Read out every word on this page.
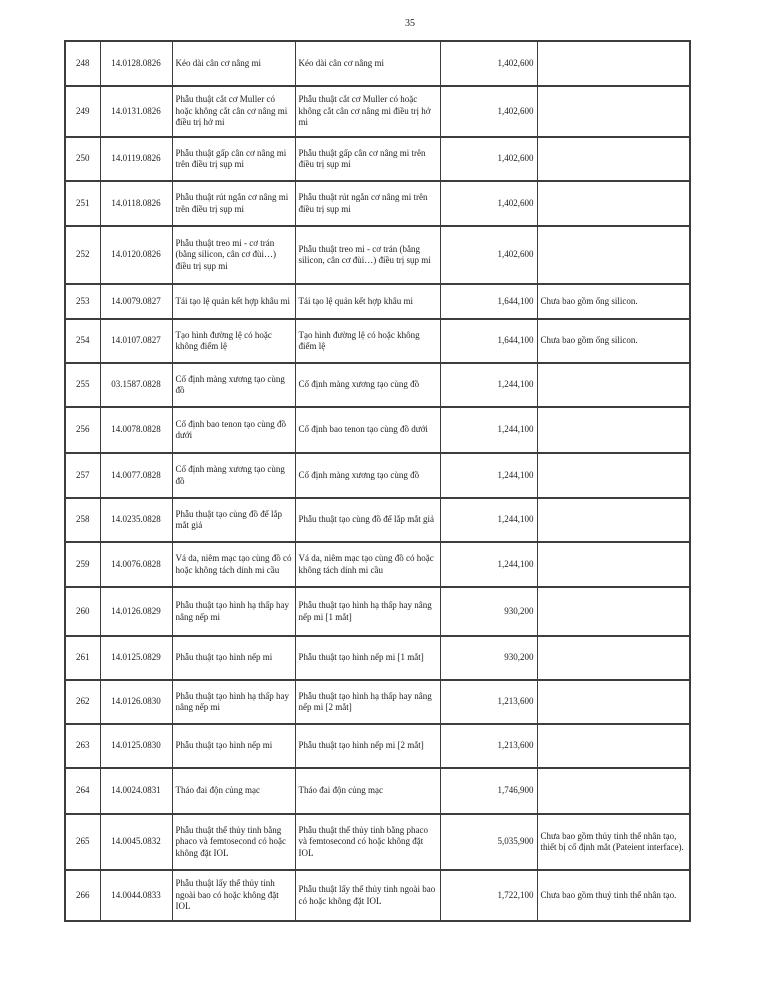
35
248	14.0128.0826	Kéo dài cân cơ nâng mi	Kéo dài cân cơ nâng mi	1,402,600	
249	14.0131.0826	Phẫu thuật cắt cơ Muller có hoặc không cắt cân cơ nâng mi điều trị hở mi	Phẫu thuật cắt cơ Muller có hoặc không cắt cân cơ nâng mi điều trị hở mi	1,402,600	
250	14.0119.0826	Phẫu thuật gấp cân cơ nâng mi trên điều trị sụp mi	Phẫu thuật gấp cân cơ nâng mi trên điều trị sụp mi	1,402,600	
251	14.0118.0826	Phẫu thuật rút ngắn cơ nâng mi trên điều trị sụp mi	Phẫu thuật rút ngắn cơ nâng mi trên điều trị sụp mi	1,402,600	
252	14.0120.0826	Phẫu thuật treo mi - cơ trán (bằng silicon, cân cơ đùi…) điều trị sụp mi	Phẫu thuật treo mi - cơ trán (bằng silicon, cân cơ đùi…) điều trị sụp mi	1,402,600	
253	14.0079.0827	Tái tạo lệ quản kết hợp khâu mi	Tái tạo lệ quản kết hợp khâu mi	1,644,100	Chưa bao gồm ống silicon.
254	14.0107.0827	Tạo hình đường lệ có hoặc không điểm lệ	Tạo hình đường lệ có hoặc không điểm lệ	1,644,100	Chưa bao gồm ống silicon.
255	03.1587.0828	Cố định màng xương tạo cùng đồ	Cố định màng xương tạo cùng đồ	1,244,100	
256	14.0078.0828	Cố định bao tenon tạo cùng đồ dưới	Cố định bao tenon tạo cùng đồ dưới	1,244,100	
257	14.0077.0828	Cố định màng xương tạo cùng đồ	Cố định màng xương tạo cùng đồ	1,244,100	
258	14.0235.0828	Phẫu thuật tạo cùng đồ để lắp mắt giả	Phẫu thuật tạo cùng đồ để lắp mắt giả	1,244,100	
259	14.0076.0828	Vá da, niêm mạc tạo cùng đồ có hoặc không tách dính mi cầu	Vá da, niêm mạc tạo cùng đồ có hoặc không tách dính mi cầu	1,244,100	
260	14.0126.0829	Phẫu thuật tạo hình hạ thấp hay nâng nếp mi	Phẫu thuật tạo hình hạ thấp hay nâng nếp mi [1 mắt]	930,200	
261	14.0125.0829	Phẫu thuật tạo hình nếp mi	Phẫu thuật tạo hình nếp mi [1 mắt]	930,200	
262	14.0126.0830	Phẫu thuật tạo hình hạ thấp hay nâng nếp mi	Phẫu thuật tạo hình hạ thấp hay nâng nếp mi [2 mắt]	1,213,600	
263	14.0125.0830	Phẫu thuật tạo hình nếp mi	Phẫu thuật tạo hình nếp mi [2 mắt]	1,213,600	
264	14.0024.0831	Tháo đai độn củng mạc	Tháo đai độn củng mạc	1,746,900	
265	14.0045.0832	Phẫu thuật thể thủy tinh bằng phaco và femtosecond có hoặc không đặt IOL	Phẫu thuật thể thủy tinh bằng phaco và femtosecond có hoặc không đặt IOL	5,035,900	Chưa bao gồm thủy tinh thể nhân tạo, thiết bị cố định mắt (Pateient interface).
266	14.0044.0833	Phẫu thuật lấy thể thủy tinh ngoài bao có hoặc không đặt IOL	Phẫu thuật lấy thể thủy tinh ngoài bao có hoặc không đặt IOL	1,722,100	Chưa bao gồm thuỷ tinh thể nhân tạo.
